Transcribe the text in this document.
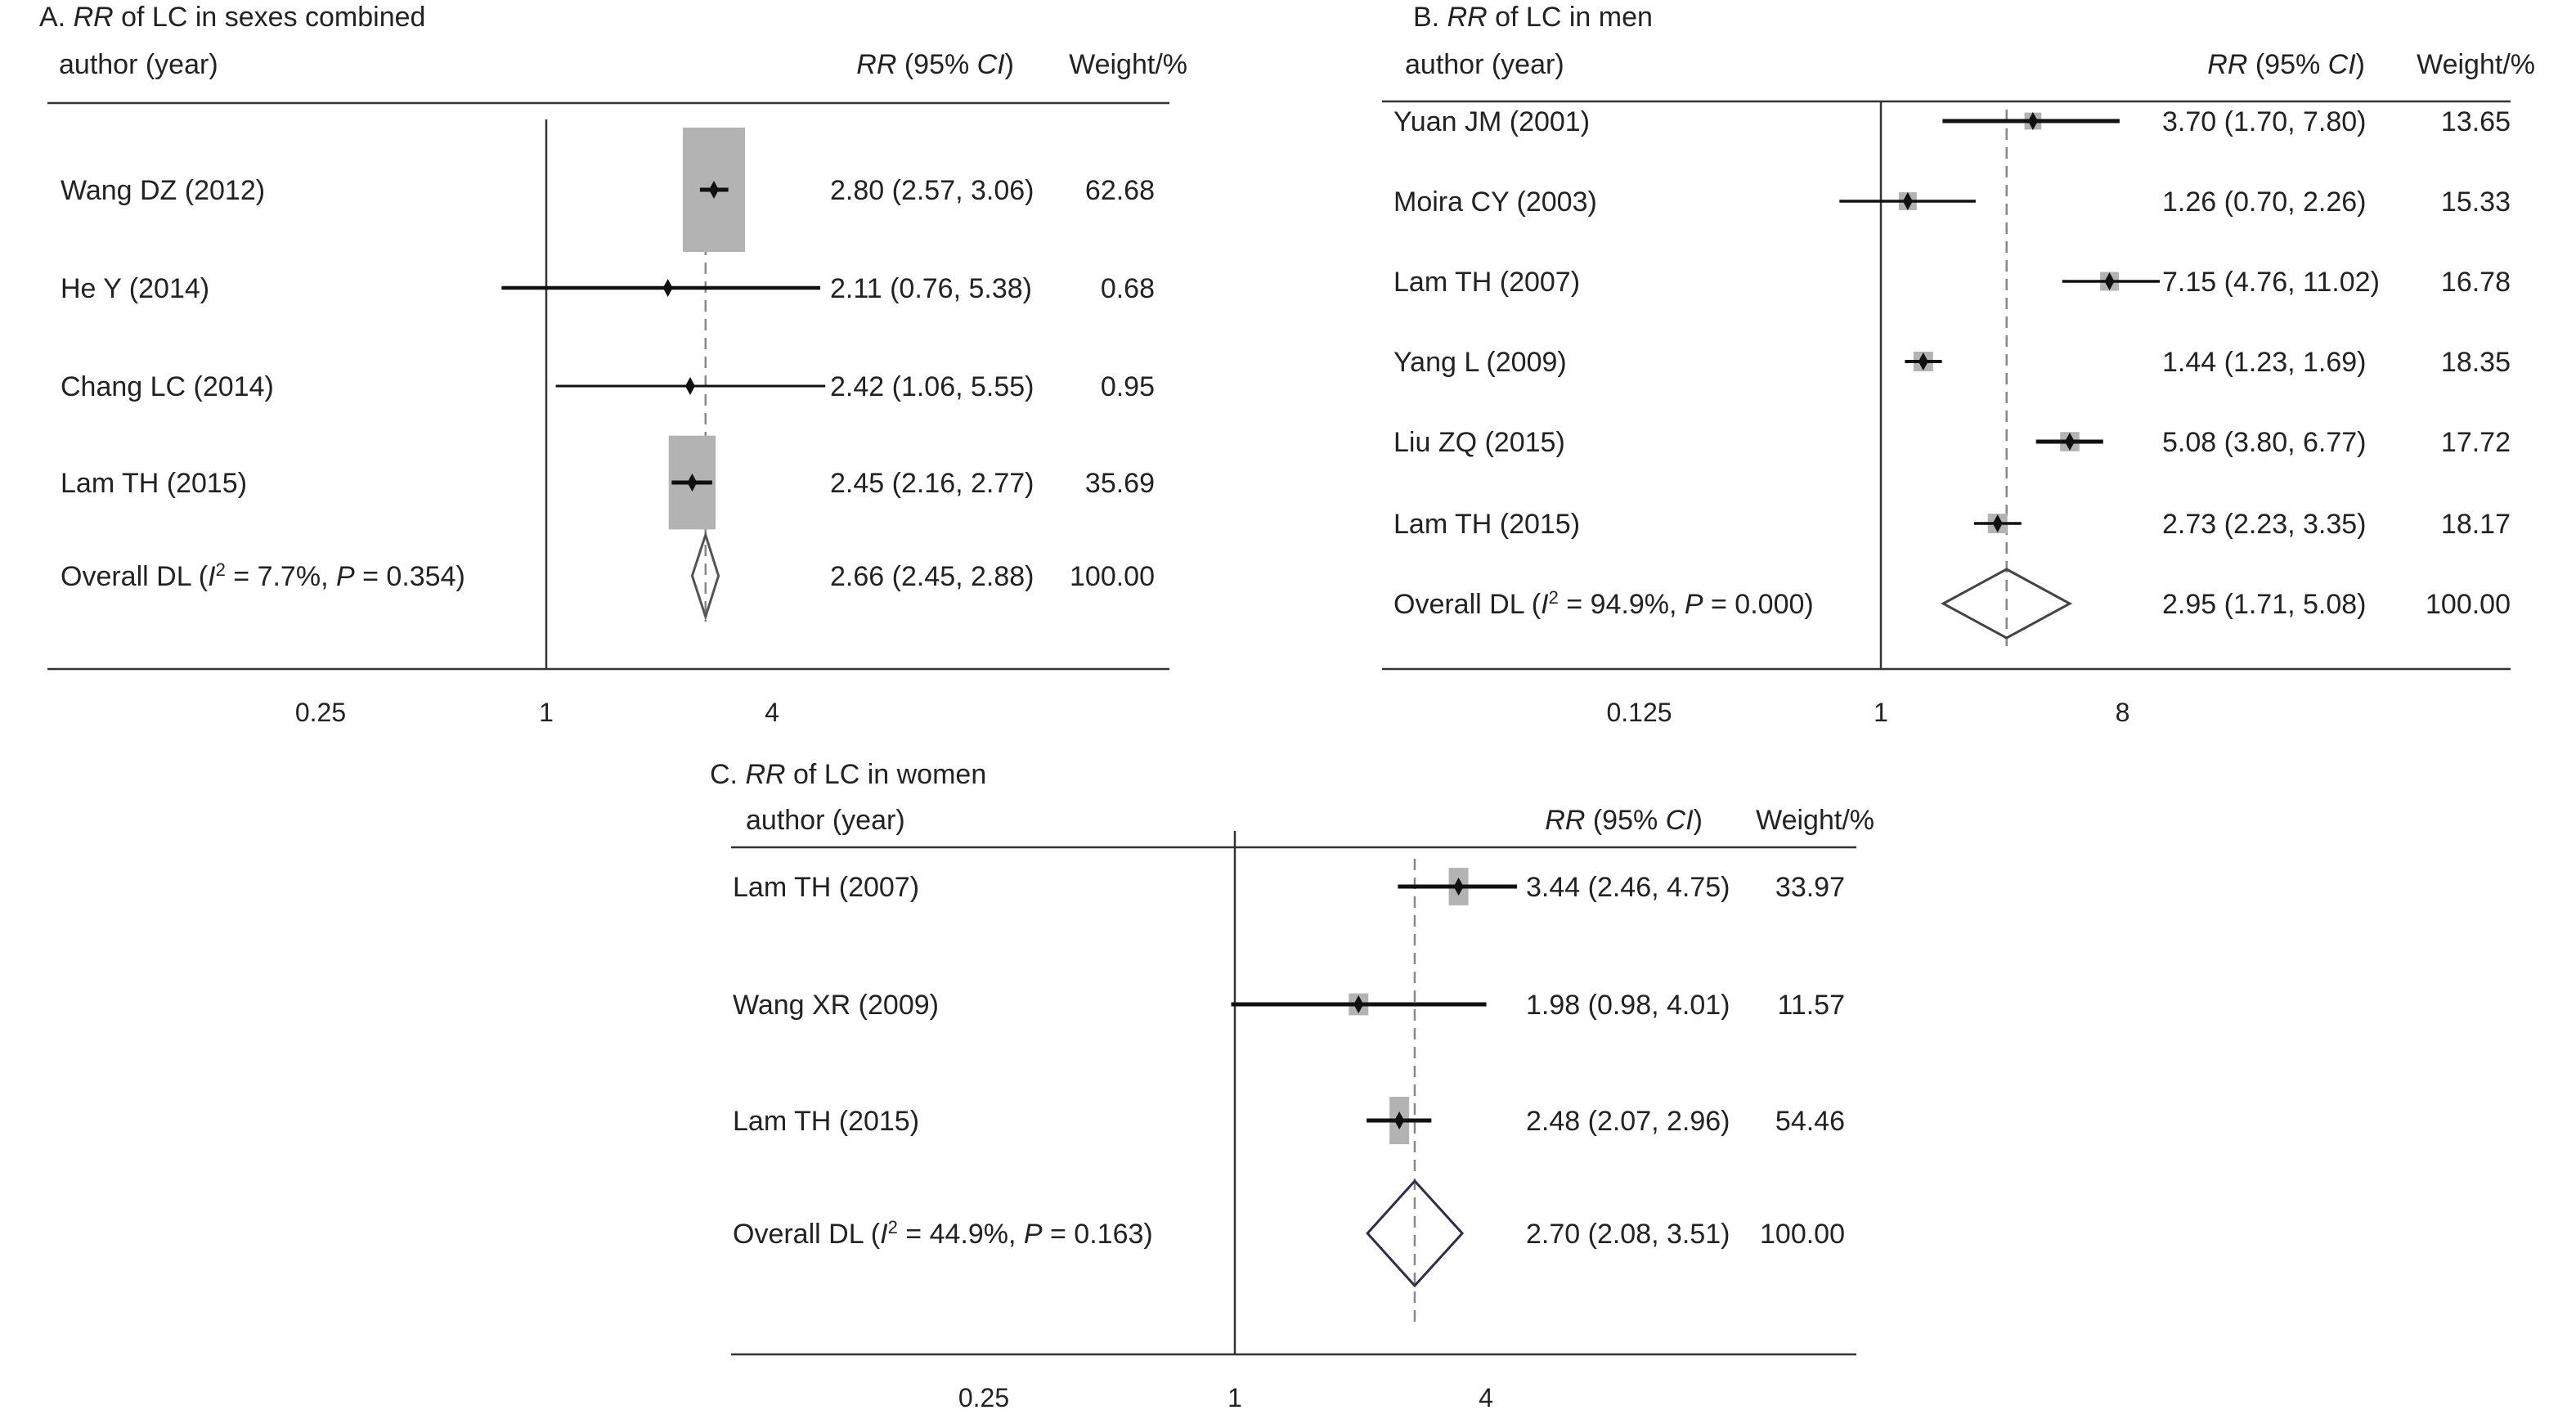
A. RR of LC in sexes combined
author (year)	RR (95% CI) Weight/%
0.25	1	4
Wang DZ (2012)	2.80 (2.57, 3.06) 62.68
He Y (2014)	2.11 (0.76, 5.38) 0.68
Chang LC (2014)	2.42 (1.06, 5.55) 0.95
Lam TH (2015)	2.45 (2.16, 2.77) 35.69
Overall DL ($I^2 = 7.7\%$, P = 0.354)	2.66 (2.45, 2.88) 100.00
B. RR of LC in men
author (year)	RR (95% CI) Weight/%
0.125	1	8
Yuan JM (2001)	3.70 (1.70, 7.80)	13.65
Moira CY (2003)	1.26 (0.70, 2.26)	15.33
Lam TH (2007)	7.15 (4.76, 11.02) 16.78
Yang L (2009)	1.44 (1.23, 1.69)	18.35
Liu ZQ (2015)	5.08 (3.80, 6.77)	17.72
Lam TH (2015)	2.73 (2.23, 3.35)	18.17
Overall DL ($I^2 = 94.9\%$, P = 0.000)	2.95 (1.71, 5.08) 100.00
C. RR of LC in women
author (year)	RR (95% CI) Weight/%
0.25	1	4
Lam TH (2007)	3.44 (2.46, 4.75) 33.97
Wang XR (2009)	1.98 (0.98, 4.01) 11.57
Lam TH (2015)	2.48 (2.07, 2.96) 54.46
Overall DL ($I^2 = 44.9\%$, P = 0.163)	2.70 (2.08, 3.51) 100.00
